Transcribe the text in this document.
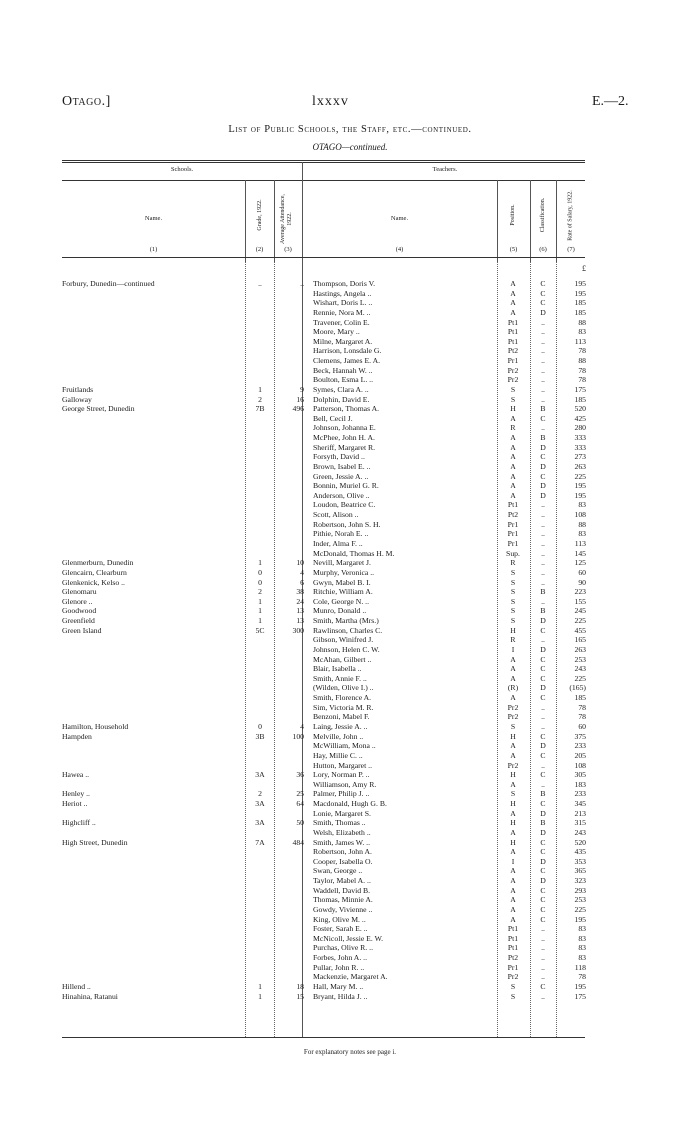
Otago.]	lxxxv	E.—2.
List of Public Schools, the Staff, etc.—continued.
OTAGO—continued.
Schools.	Teachers.
Name.	Grade, 1922.	Average Attendance, 1922.	Name.	Position.	Classification.	Rate of Salary, 1922.
(1)	(2)	(3)	(4)	(5)	(6)	(7)
£
Forbury, Dunedin—continued	..	.. Thompson, Doris V.	A	C	195
Hastings, Angela ..	A	C	195
Wishart, Doris L. ..	A	C	185
Rennie, Nora M. ..	A	D	185
Travener, Colin E.	Pt1	..	88
Moore, Mary ..	Pt1	..	83
Milne, Margaret A.	Pt1	..	113
Harrison, Lonsdale G.	Pt2	..	78
Clemens, James E. A.	Pr1	..	88
Beck, Hannah W. ..	Pr2	..	78
Boulton, Esma L. ..	Pr2	..	78
Fruitlands	1	9 Symes, Clara A. ..	S	..	175
Galloway	2	16 Dolphin, David E.	S	..	185
George Street, Dunedin	7B	496 Patterson, Thomas A.	H	B	520
Bell, Cecil J.	A	C	425
Johnson, Johanna E.	R	..	280
McPhee, John H. A.	A	B	333
Sheriff, Margaret R.	A	D	333
Forsyth, David ..	A	C	273
Brown, Isabel E. ..	A	D	263
Green, Jessie A. ..	A	C	225
Bonnin, Muriel G. R.	A	D	195
Anderson, Olive ..	A	D	195
Loudon, Beatrice C.	Pt1	..	83
Scott, Alison ..	Pt2	..	108
Robertson, John S. H.	Pr1	..	88
Pithie, Norah E. ..	Pr1	..	83
Inder, Alma F. ..	Pr1	..	113
McDonald, Thomas H. M.	Sup.	..	145
Glenmerburn, Dunedin	1	10 Nevill, Margaret J.	R	..	125
Glencairn, Clearburn	0	4 Murphy, Veronica ..	S	..	60
Glenkenick, Kelso ..	0	6 Gwyn, Mabel B. I.	S	..	90
Glenomaru	2	38 Ritchie, William A.	S	B	223
Glenore ..	1	24 Cole, George N. ..	S	..	155
Goodwood	1	13 Munro, Donald ..	S	B	245
Greenfield	1	13 Smith, Martha (Mrs.)	S	D	225
Green Island	5C	300 Rawlinson, Charles C.	H	C	455
Gibson, Winifred J.	R	..	165
Johnson, Helen C. W.	I	D	263
McAhan, Gilbert ..	A	C	253
Blair, Isabella ..	A	C	243
Smith, Annie F. ..	A	C	225
(Wilden, Olive I.) ..	(R)	D	(165)
Smith, Florence A.	A	C	185
Sim, Victoria M. R.	Pr2	..	78
Benzoni, Mabel F.	Pr2	..	78
Hamilton, Household	0	4 Laing, Jessie A. ..	S	..	60
Hampden	3B	100 Melville, John ..	H	C	375
McWilliam, Mona ..	A	D	233
Hay, Millie C. ..	A	C	205
Hutton, Margaret ..	Pr2	..	108
Hawea ..	3A	36 Lory, Norman P. ..	H	C	305
Williamson, Amy R.	A	..	183
Henley ..	2	25 Palmer, Philip J. ..	S	B	233
Heriot ..	3A	64 Macdonald, Hugh G. B.	H	C	345
Lonie, Margaret S.	A	D	213
Highcliff ..	3A	50 Smith, Thomas ..	H	B	315
Welsh, Elizabeth ..	A	D	243
High Street, Dunedin	7A	484 Smith, James W. ..	H	C	520
Robertson, John A.	A	C	435
Cooper, Isabella O.	I	D	353
Swan, George ..	A	C	365
Taylor, Mabel A. ..	A	D	323
Waddell, David B.	A	C	293
Thomas, Minnie A.	A	C	253
Gowdy, Vivienne ..	A	C	225
King, Olive M. ..	A	C	195
Foster, Sarah E. ..	Pt1	..	83
McNicoll, Jessie E. W.	Pt1	..	83
Purchas, Olive R. ..	Pt1	..	83
Forbes, John A. ..	Pt2	..	83
Pullar, John R. ..	Pr1	..	118
Mackenzie, Margaret A.	Pr2	..	78
Hillend ..	1	18 Hall, Mary M. ..	S	C	195
Hinahina, Ratanui	1	15 Bryant, Hilda J. ..	S	..	175
For explanatory notes see page i.
